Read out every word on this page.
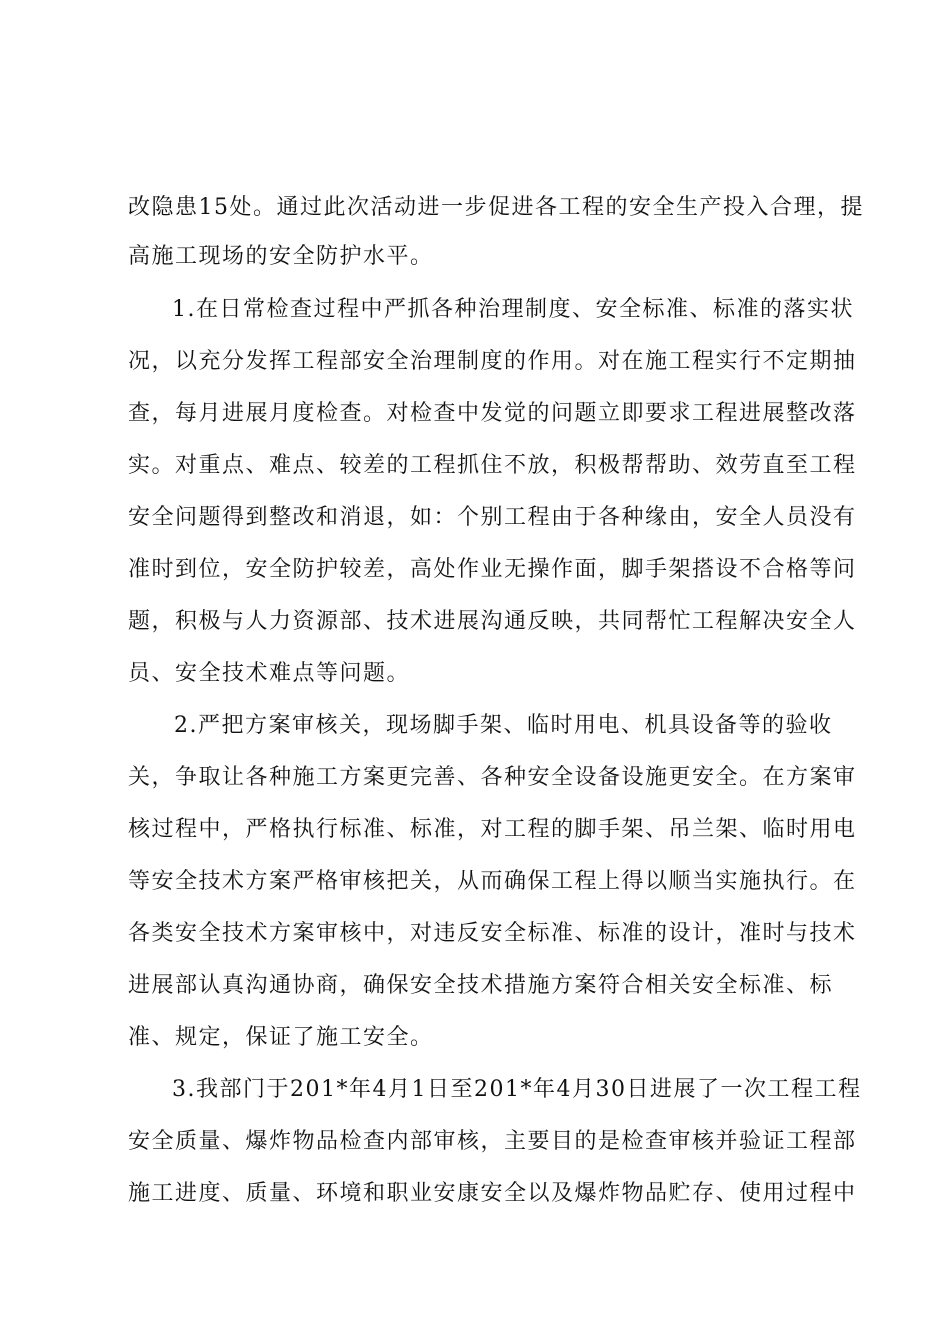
改隐患15处。通过此次活动进一步促进各工程的安全生产投入合理，提
高施工现场的安全防护水平。
1.在日常检查过程中严抓各种治理制度、安全标准、标准的落实状
况，以充分发挥工程部安全治理制度的作用。对在施工程实行不定期抽
查，每月进展月度检查。对检查中发觉的问题立即要求工程进展整改落
实。对重点、难点、较差的工程抓住不放，积极帮帮助、效劳直至工程
安全问题得到整改和消退，如：个别工程由于各种缘由，安全人员没有
准时到位，安全防护较差，高处作业无操作面，脚手架搭设不合格等问
题，积极与人力资源部、技术进展沟通反映，共同帮忙工程解决安全人
员、安全技术难点等问题。
2.严把方案审核关，现场脚手架、临时用电、机具设备等的验收
关，争取让各种施工方案更完善、各种安全设备设施更安全。在方案审
核过程中，严格执行标准、标准，对工程的脚手架、吊兰架、临时用电
等安全技术方案严格审核把关，从而确保工程上得以顺当实施执行。在
各类安全技术方案审核中，对违反安全标准、标准的设计，准时与技术
进展部认真沟通协商，确保安全技术措施方案符合相关安全标准、标
准、规定，保证了施工安全。
3.我部门于201*年4月1日至201*年4月30日进展了一次工程工程
安全质量、爆炸物品检查内部审核，主要目的是检查审核并验证工程部
施工进度、质量、环境和职业安康安全以及爆炸物品贮存、使用过程中
